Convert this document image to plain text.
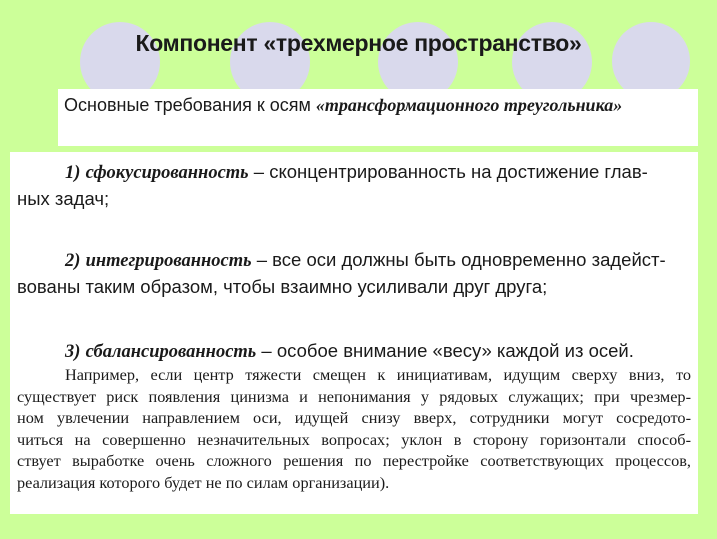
Компонент «трехмерное пространство»
Основные требования к осям «трансформационного треугольника»
1) сфокусированность – сконцентрированность на достижение глав-
ных задач;
2) интегрированность – все оси должны быть одновременно задейст-
вованы таким образом, чтобы взаимно усиливали друг друга;
3) сбалансированность – особое внимание «весу» каждой из осей.
Например, если центр тяжести смещен к инициативам, идущим сверху вниз, то
существует риск появления цинизма и непонимания у рядовых служащих; при чрезмер-
ном увлечении направлением оси, идущей снизу вверх, сотрудники могут сосредото-
читься на совершенно незначительных вопросах; уклон в сторону горизонтали способ-
ствует выработке очень сложного решения по перестройке соответствующих процессов,
реализация которого будет не по силам организации).
